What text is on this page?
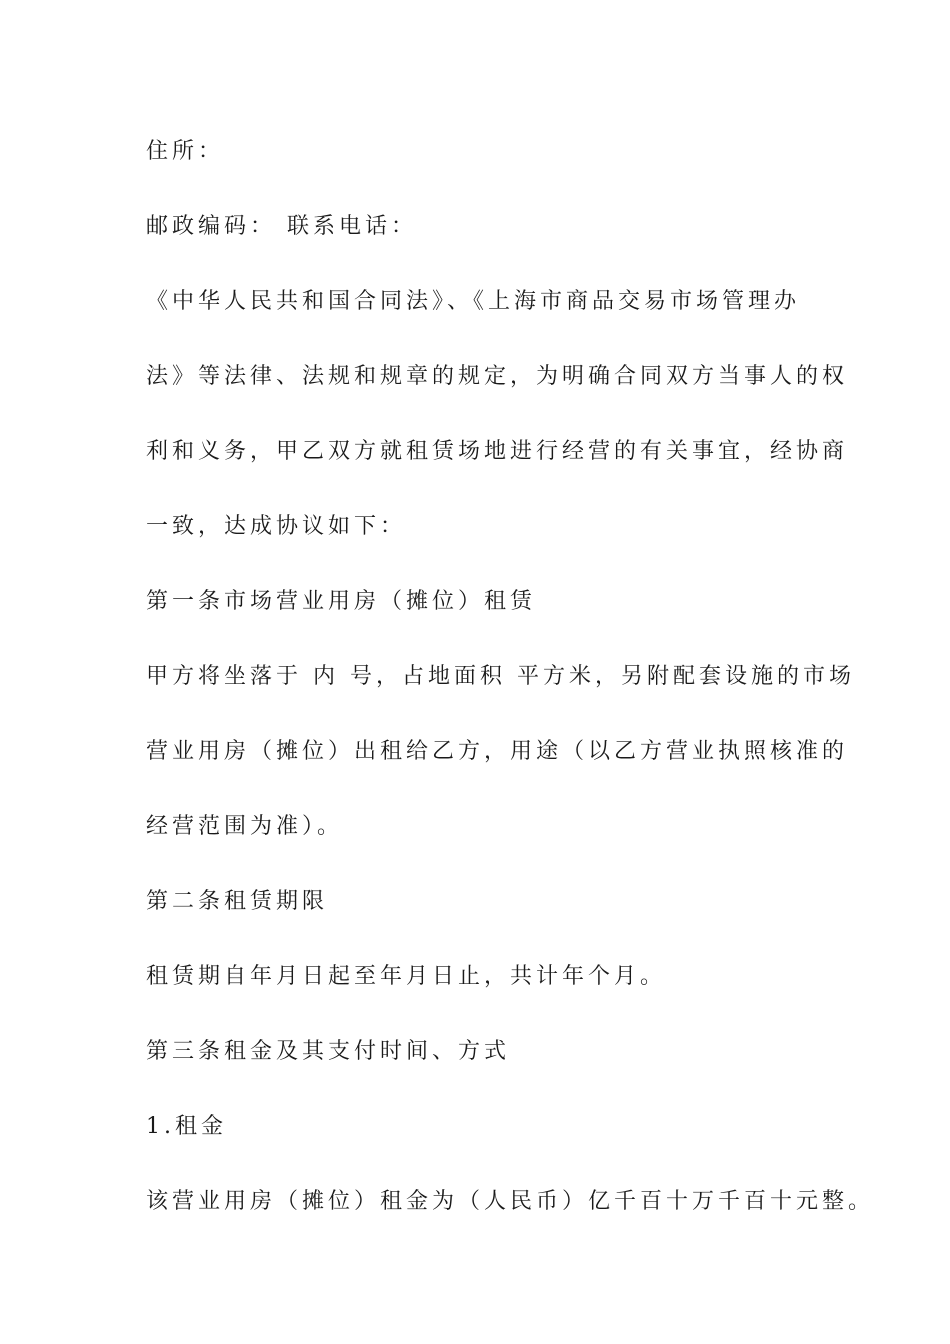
住所：
邮政编码： 联系电话：
《中华人民共和国合同法》、《上海市商品交易市场管理办
法》等法律、法规和规章的规定，为明确合同双方当事人的权
利和义务，甲乙双方就租赁场地进行经营的有关事宜，经协商
一致，达成协议如下：
第一条市场营业用房（摊位）租赁
甲方将坐落于 内 号，占地面积 平方米，另附配套设施的市场
营业用房（摊位）出租给乙方，用途（以乙方营业执照核准的
经营范围为准）。
第二条租赁期限
租赁期自年月日起至年月日止，共计年个月。
第三条租金及其支付时间、方式
1.租金
该营业用房（摊位）租金为（人民币）亿千百十万千百十元整。
